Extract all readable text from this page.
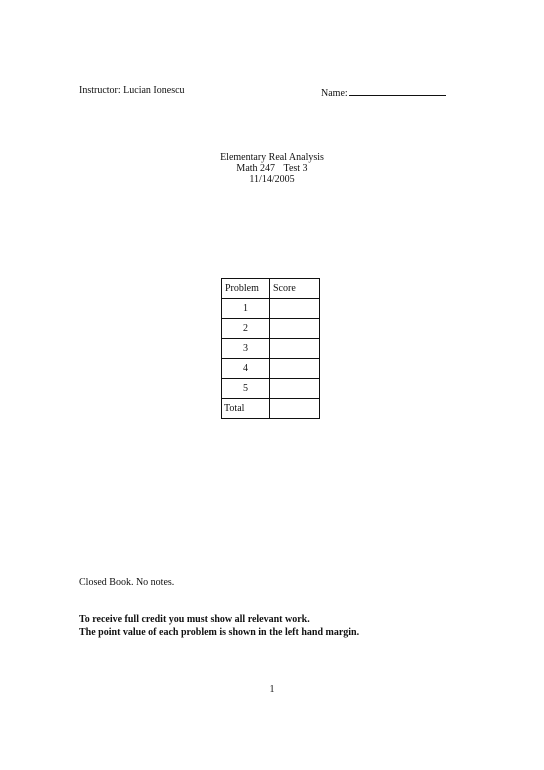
Instructor: Lucian Ionescu	Name:
Elementary Real Analysis
Math 247 Test 3
11/14/2005
Problem	Score
1	
2	
3	
4	
5	
Total	
Closed Book. No notes.
To receive full credit you must show all relevant work.
The point value of each problem is shown in the left hand margin.
1
